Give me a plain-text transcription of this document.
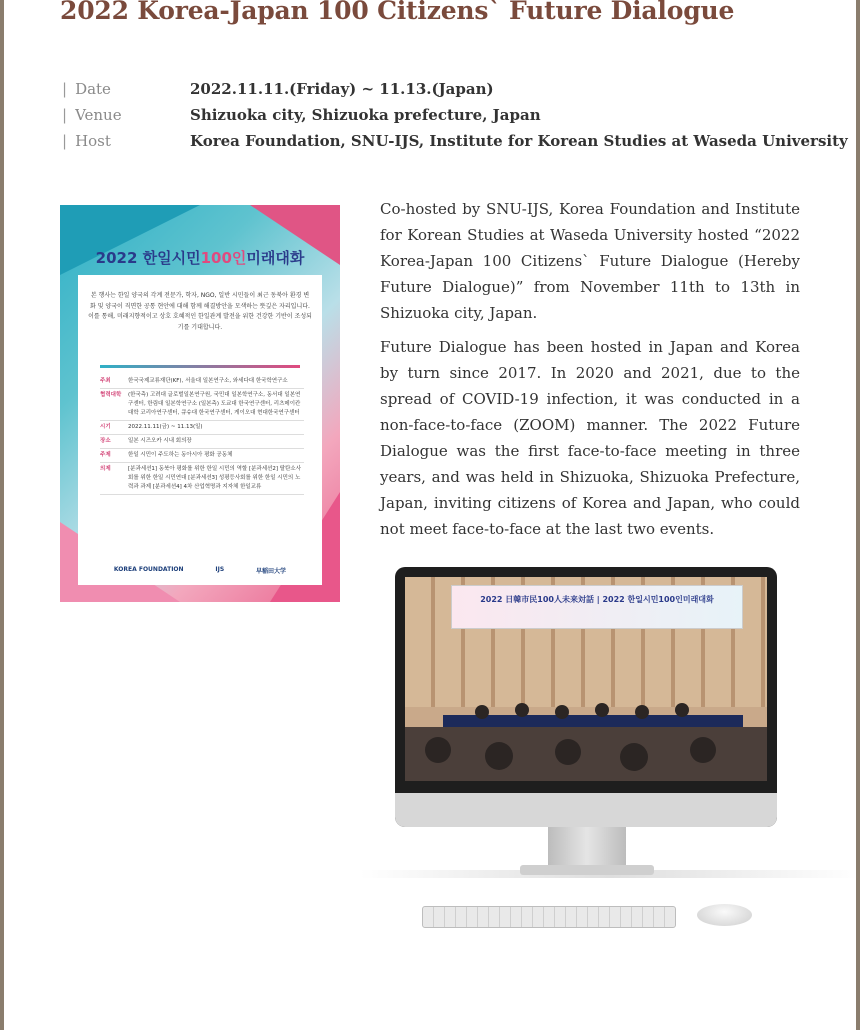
2022 Korea-Japan 100 Citizens` Future Dialogue
| Date	2022.11.11.(Friday) ~ 11.13.(Japan)
| Venue	Shizuoka city, Shizuoka prefecture, Japan
| Host	Korea Foundation, SNU-IJS, Institute for Korean Studies at Waseda University
2022 한일시민100인미래대화
본 행사는 한일 양국의 각계 전문가, 학자, NGO, 일반 시민들이 최근 동북아 환경 변화 및 양국이 직면한 공통 현안에 대해 함께 해결방안을 모색하는 뜻깊은 자리입니다. 이를 통해, 미래지향적이고 상호 호혜적인 한일관계 발전을 위한 건강한 기반이 조성되기를 기대합니다.
주최	한국국제교류재단(KF), 서울대 일본연구소, 와세다대 한국학연구소
협력대학	(한국측) 고려대 글로벌일본연구원, 국민대 일본학연구소, 동서대 일본연구센터, 한림대 일본학연구소 (일본측) 도쿄대 한국연구센터, 리츠메이칸대학 코리아연구센터, 큐슈대 한국연구센터, 게이오대 현대한국연구센터
시기	2022.11.11(금) ~ 11.13(일)
장소	일본 시즈오카 시내 회의장
주제	한일 시민이 주도하는 동아시아 평화 공동체
의제	[분과세션1] 동북아 평화를 위한 한일 시민의 역할 [분과세션2] 탈탄소사회를 위한 한일 시민연대 [분과세션3] 성평등사회를 위한 한일 시민의 노력과 과제 [분과세션4] 4차 산업혁명과 지자체 한일교류
KOREA FOUNDATION	IJS	早稲田大学

Co-hosted by SNU-IJS, Korea Foundation and Institute for Korean Studies at Waseda University hosted “2022 Korea-Japan 100 Citizens` Future Dialogue (Hereby Future Dialogue)” from November 11th to 13th in Shizuoka city, Japan.

Future Dialogue has been hosted in Japan and Korea by turn since 2017. In 2020 and 2021, due to the spread of COVID-19 infection, it was conducted in a non-face-to-face (ZOOM) manner. The 2022 Future Dialogue was the first face-to-face meeting in three years, and was held in Shizuoka, Shizuoka Prefecture, Japan, inviting citizens of Korea and Japan, who could not meet face-to-face at the last two events.

2022 日韓市民100人未来対話 | 2022 한일시민100인미래대화
